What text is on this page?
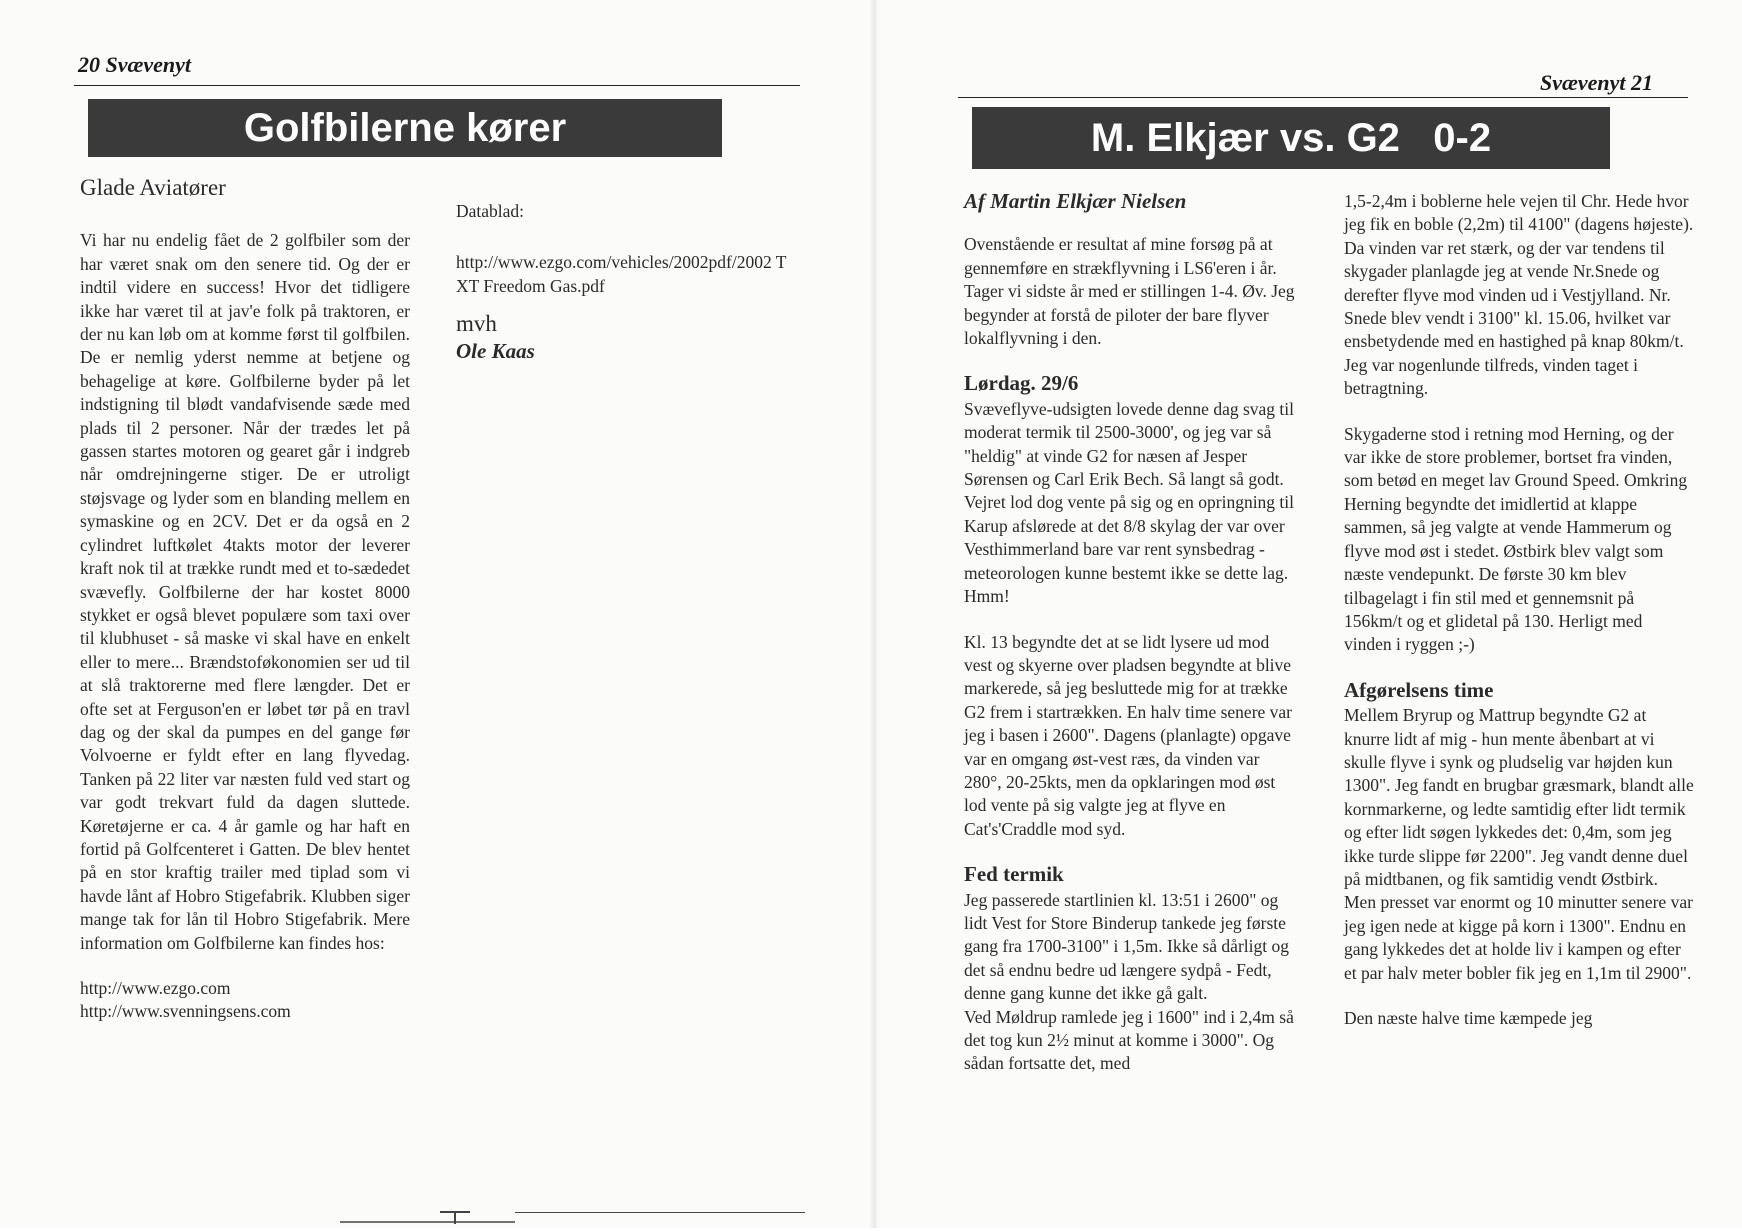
20 Svævenyt
Golfbilerne kører
Glade Aviatører

Vi har nu endelig fået de 2 golfbiler som der har været snak om den senere tid. Og der er indtil videre en success! Hvor det tidligere ikke har været til at jav'e folk på traktoren, er der nu kan løb om at komme først til golfbilen. De er nemlig yderst nemme at betjene og behagelige at køre. Golfbilerne byder på let indstigning til blødt vandafvisende sæde med plads til 2 personer. Når der trædes let på gassen startes motoren og gearet går i indgreb når omdrejningerne stiger. De er utroligt støjsvage og lyder som en blanding mellem en symaskine og en 2CV. Det er da også en 2 cylindret luftkølet 4takts motor der leverer kraft nok til at trække rundt med et to-sædedet svævefly. Golfbilerne der har kostet 8000 stykket er også blevet populære som taxi over til klubhuset - så maske vi skal have en enkelt eller to mere... Brændstoføkonomien ser ud til at slå traktorerne med flere længder. Det er ofte set at Ferguson'en er løbet tør på en travl dag og der skal da pumpes en del gange før Volvoerne er fyldt efter en lang flyvedag. Tanken på 22 liter var næsten fuld ved start og var godt trekvart fuld da dagen sluttede. Køretøjerne er ca. 4 år gamle og har haft en fortid på Golfcenteret i Gatten. De blev hentet på en stor kraftig trailer med tiplad som vi havde lånt af Hobro Stigefabrik. Klubben siger mange tak for lån til Hobro Stigefabrik. Mere information om Golfbilerne kan findes hos:

http://www.ezgo.com
http://www.svenningsens.com

Datablad:

http://www.ezgo.com/vehicles/2002pdf/2002 TXT Freedom Gas.pdf

mvh
Ole Kaas
Svævenyt 21
M. Elkjær vs. G2   0-2
Af Martin Elkjær Nielsen

Ovenstående er resultat af mine forsøg på at gennemføre en strækflyvning i LS6'eren i år. Tager vi sidste år med er stillingen 1-4. Øv. Jeg begynder at forstå de piloter der bare flyver lokalflyvning i den.

Lørdag. 29/6

Svæveflyve-udsigten lovede denne dag svag til moderat termik til 2500-3000', og jeg var så "heldig" at vinde G2 for næsen af Jesper Sørensen og Carl Erik Bech. Så langt så godt.

Vejret lod dog vente på sig og en opringning til Karup afslørede at det 8/8 skylag der var over Vesthimmerland bare var rent synsbedrag - meteorologen kunne bestemt ikke se dette lag. Hmm!

Kl. 13 begyndte det at se lidt lysere ud mod vest og skyerne over pladsen begyndte at blive markerede, så jeg besluttede mig for at trække G2 frem i startrækken. En halv time senere var jeg i basen i 2600". Dagens (planlagte) opgave var en omgang øst-vest ræs, da vinden var 280°, 20-25kts, men da opklaringen mod øst lod vente på sig valgte jeg at flyve en Cat's'Craddle mod syd.

Fed termik

Jeg passerede startlinien kl. 13:51 i 2600" og lidt Vest for Store Binderup tankede jeg første gang fra 1700-3100" i 1,5m. Ikke så dårligt og det så endnu bedre ud længere sydpå - Fedt, denne gang kunne det ikke gå galt.

Ved Møldrup ramlede jeg i 1600" ind i 2,4m så det tog kun 2½ minut at komme i 3000". Og sådan fortsatte det, med

1,5-2,4m i boblerne hele vejen til Chr. Hede hvor jeg fik en boble (2,2m) til 4100" (dagens højeste).

Da vinden var ret stærk, og der var tendens til skygader planlagde jeg at vende Nr.Snede og derefter flyve mod vinden ud i Vestjylland. Nr. Snede blev vendt i 3100" kl. 15.06, hvilket var ensbetydende med en hastighed på knap 80km/t. Jeg var nogenlunde tilfreds, vinden taget i betragtning.

Skygaderne stod i retning mod Herning, og der var ikke de store problemer, bortset fra vinden, som betød en meget lav Ground Speed. Omkring Herning begyndte det imidlertid at klappe sammen, så jeg valgte at vende Hammerum og flyve mod øst i stedet. Østbirk blev valgt som næste vendepunkt. De første 30 km blev tilbagelagt i fin stil med et gennemsnit på 156km/t og et glidetal på 130. Herligt med vinden i ryggen ;-)

Afgørelsens time

Mellem Bryrup og Mattrup begyndte G2 at knurre lidt af mig - hun mente åbenbart at vi skulle flyve i synk og pludselig var højden kun 1300". Jeg fandt en brugbar græsmark, blandt alle kornmarkerne, og ledte samtidig efter lidt termik og efter lidt søgen lykkedes det: 0,4m, som jeg ikke turde slippe før 2200". Jeg vandt denne duel på midtbanen, og fik samtidig vendt Østbirk. Men presset var enormt og 10 minutter senere var jeg igen nede at kigge på korn i 1300". Endnu en gang lykkedes det at holde liv i kampen og efter et par halv meter bobler fik jeg en 1,1m til 2900".

Den næste halve time kæmpede jeg
